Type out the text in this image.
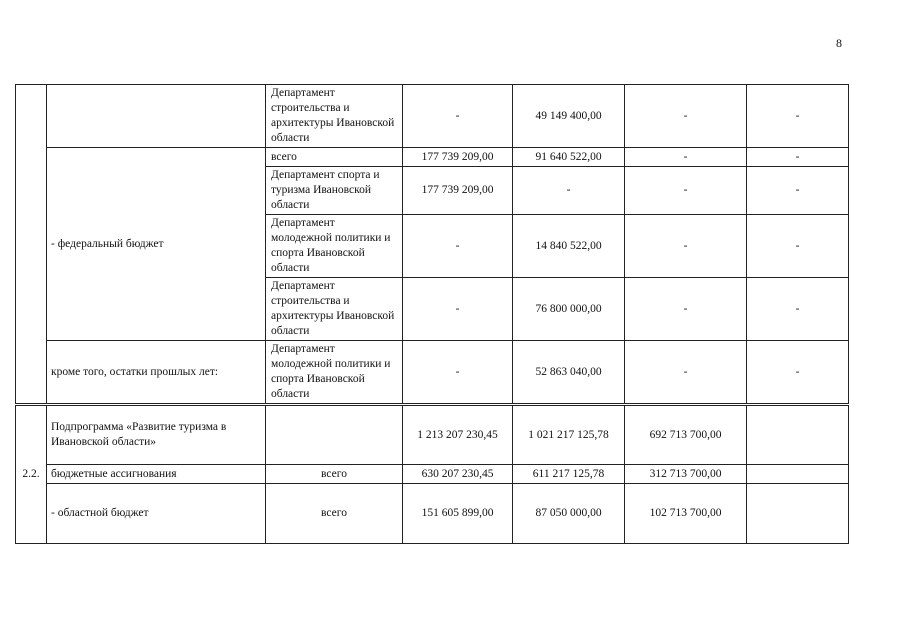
8
		Департамент строительства и архитектуры Ивановской области	-	49 149 400,00	-	-
	- федеральный бюджет	всего	177 739 209,00	91 640 522,00	-	-
		Департамент спорта и туризма Ивановской области	177 739 209,00	-	-	-
		Департамент молодежной политики и спорта Ивановской области	-	14 840 522,00	-	-
		Департамент строительства и архитектуры Ивановской области	-	76 800 000,00	-	-
	кроме того, остатки прошлых лет:	Департамент молодежной политики и спорта Ивановской области	-	52 863 040,00	-	-
2.2.	Подпрограмма «Развитие туризма в Ивановской области»		1 213 207 230,45	1 021 217 125,78	692 713 700,00	
	бюджетные ассигнования	всего	630 207 230,45	611 217 125,78	312 713 700,00	
	- областной бюджет	всего	151 605 899,00	87 050 000,00	102 713 700,00	
